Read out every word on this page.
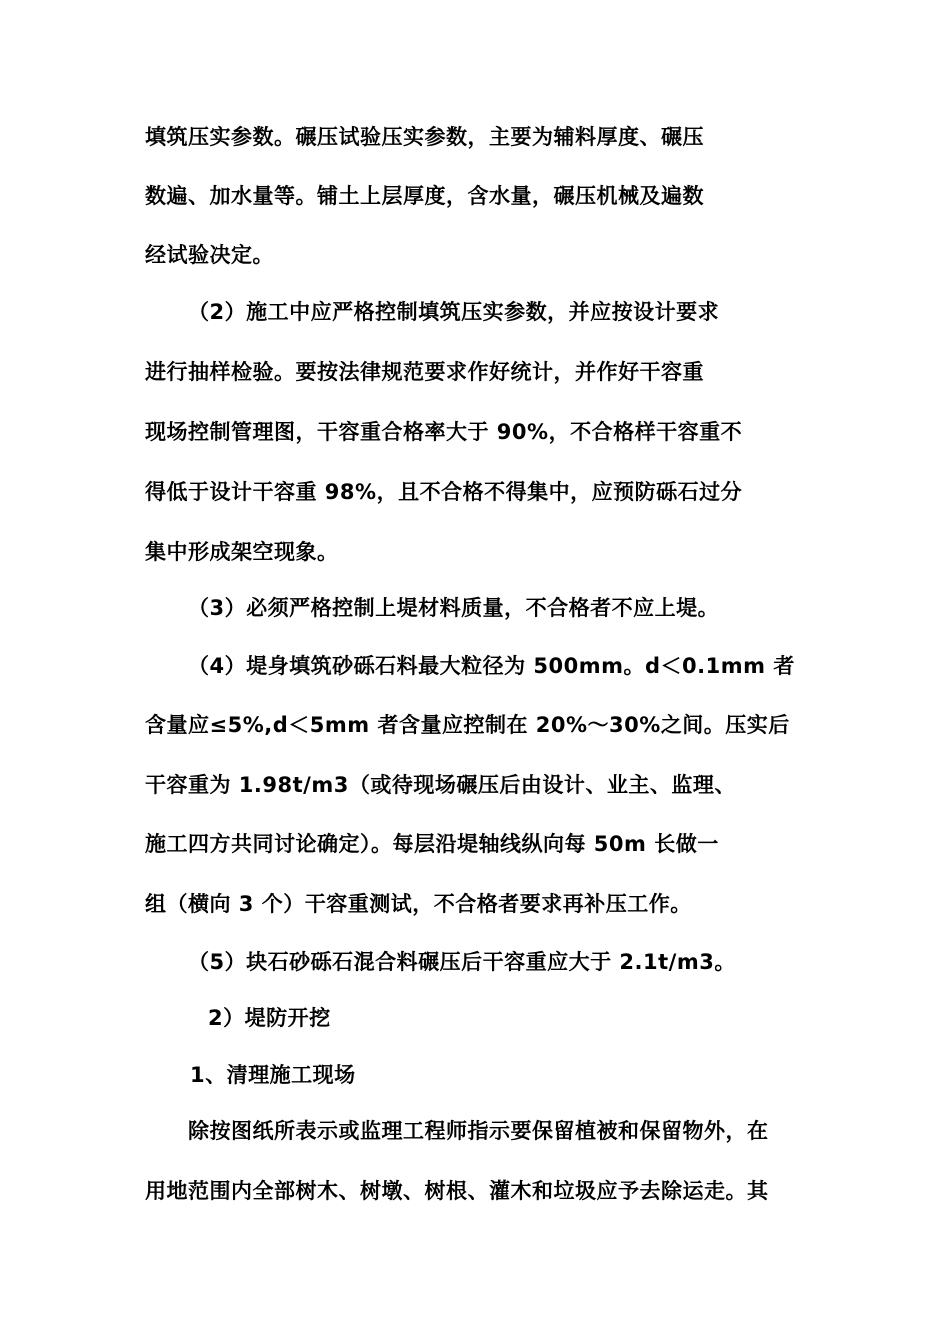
填筑压实参数。碾压试验压实参数，主要为辅料厚度、碾压
数遍、加水量等。铺土上层厚度，含水量，碾压机械及遍数
经试验决定。
（2）施工中应严格控制填筑压实参数，并应按设计要求
进行抽样检验。要按法律规范要求作好统计，并作好干容重
现场控制管理图，干容重合格率大于 90%，不合格样干容重不
得低于设计干容重 98%，且不合格不得集中，应预防砾石过分
集中形成架空现象。
（3）必须严格控制上堤材料质量，不合格者不应上堤。
（4）堤身填筑砂砾石料最大粒径为 500mm。d＜0.1mm 者
含量应≤5%,d＜5mm 者含量应控制在 20%～30%之间。压实后
干容重为 1.98t/m3（或待现场碾压后由设计、业主、监理、
施工四方共同讨论确定）。每层沿堤轴线纵向每 50m 长做一
组（横向 3 个）干容重测试，不合格者要求再补压工作。
（5）块石砂砾石混合料碾压后干容重应大于 2.1t/m3。
2）堤防开挖
1、清理施工现场
除按图纸所表示或监理工程师指示要保留植被和保留物外，在
用地范围内全部树木、树墩、树根、灌木和垃圾应予去除运走。其
